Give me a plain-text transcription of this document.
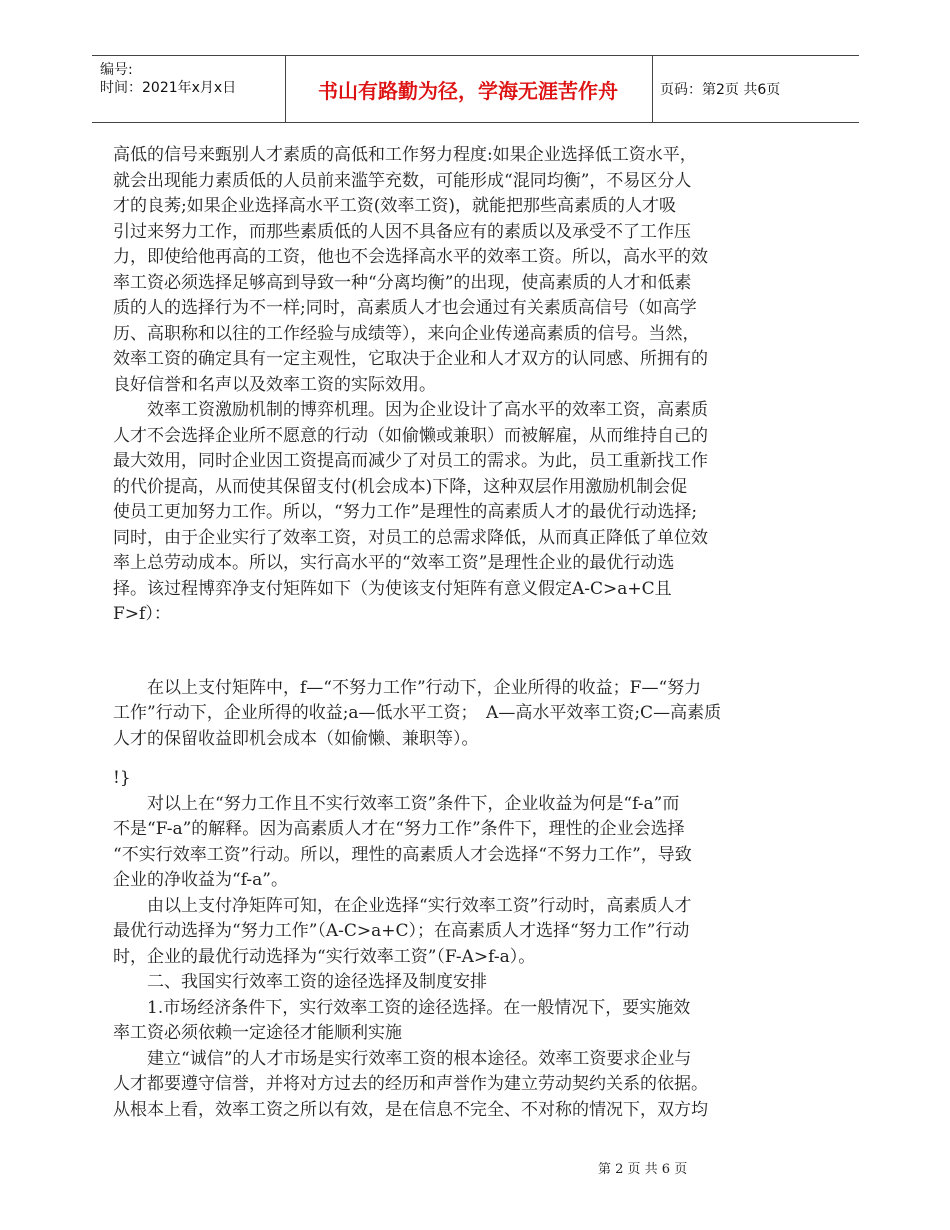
编号:
时间：2021年x月x日	书山有路勤为径，学海无涯苦作舟	页码：第2页 共6页
高低的信号来甄别人才素质的高低和工作努力程度:如果企业选择低工资水平，
就会出现能力素质低的人员前来滥竽充数，可能形成“混同均衡”，不易区分人
才的良莠;如果企业选择高水平工资(效率工资)，就能把那些高素质的人才吸
引过来努力工作，而那些素质低的人因不具备应有的素质以及承受不了工作压
力，即使给他再高的工资，他也不会选择高水平的效率工资。所以，高水平的效
率工资必须选择足够高到导致一种“分离均衡”的出现，使高素质的人才和低素
质的人的选择行为不一样;同时，高素质人才也会通过有关素质高信号（如高学
历、高职称和以往的工作经验与成绩等），来向企业传递高素质的信号。当然，
效率工资的确定具有一定主观性，它取决于企业和人才双方的认同感、所拥有的
良好信誉和名声以及效率工资的实际效用。
　　效率工资激励机制的博弈机理。因为企业设计了高水平的效率工资，高素质
人才不会选择企业所不愿意的行动（如偷懒或兼职）而被解雇，从而维持自己的
最大效用，同时企业因工资提高而减少了对员工的需求。为此，员工重新找工作
的代价提高，从而使其保留支付(机会成本)下降，这种双层作用激励机制会促
使员工更加努力工作。所以，“努力工作”是理性的高素质人才的最优行动选择;
同时，由于企业实行了效率工资，对员工的总需求降低，从而真正降低了单位效
率上总劳动成本。所以，实行高水平的“效率工资”是理性企业的最优行动选
择。该过程博弈净支付矩阵如下（为使该支付矩阵有意义假定A-C>a+C且
F>f）：
　　在以上支付矩阵中，f—“不努力工作”行动下，企业所得的收益；F—“努力
工作”行动下，企业所得的收益;a—低水平工资；　A—高水平效率工资;C—高素质
人才的保留收益即机会成本（如偷懒、兼职等）。
!}
　　对以上在“努力工作且不实行效率工资”条件下，企业收益为何是“f-a”而
不是“F-a”的解释。因为高素质人才在“努力工作”条件下，理性的企业会选择
“不实行效率工资”行动。所以，理性的高素质人才会选择“不努力工作”，导致
企业的净收益为“f-a”。
　　由以上支付净矩阵可知，在企业选择“实行效率工资”行动时，高素质人才
最优行动选择为“努力工作”（A-C>a+C）；在高素质人才选择“努力工作”行动
时，企业的最优行动选择为“实行效率工资”（F-A>f-a）。
　　二、我国实行效率工资的途径选择及制度安排
　　1.市场经济条件下，实行效率工资的途径选择。在一般情况下，要实施效
率工资必须依赖一定途径才能顺利实施
　　建立“诚信”的人才市场是实行效率工资的根本途径。效率工资要求企业与
人才都要遵守信誉，并将对方过去的经历和声誉作为建立劳动契约关系的依据。
从根本上看，效率工资之所以有效，是在信息不完全、不对称的情况下，双方均
第 2 页 共 6 页
